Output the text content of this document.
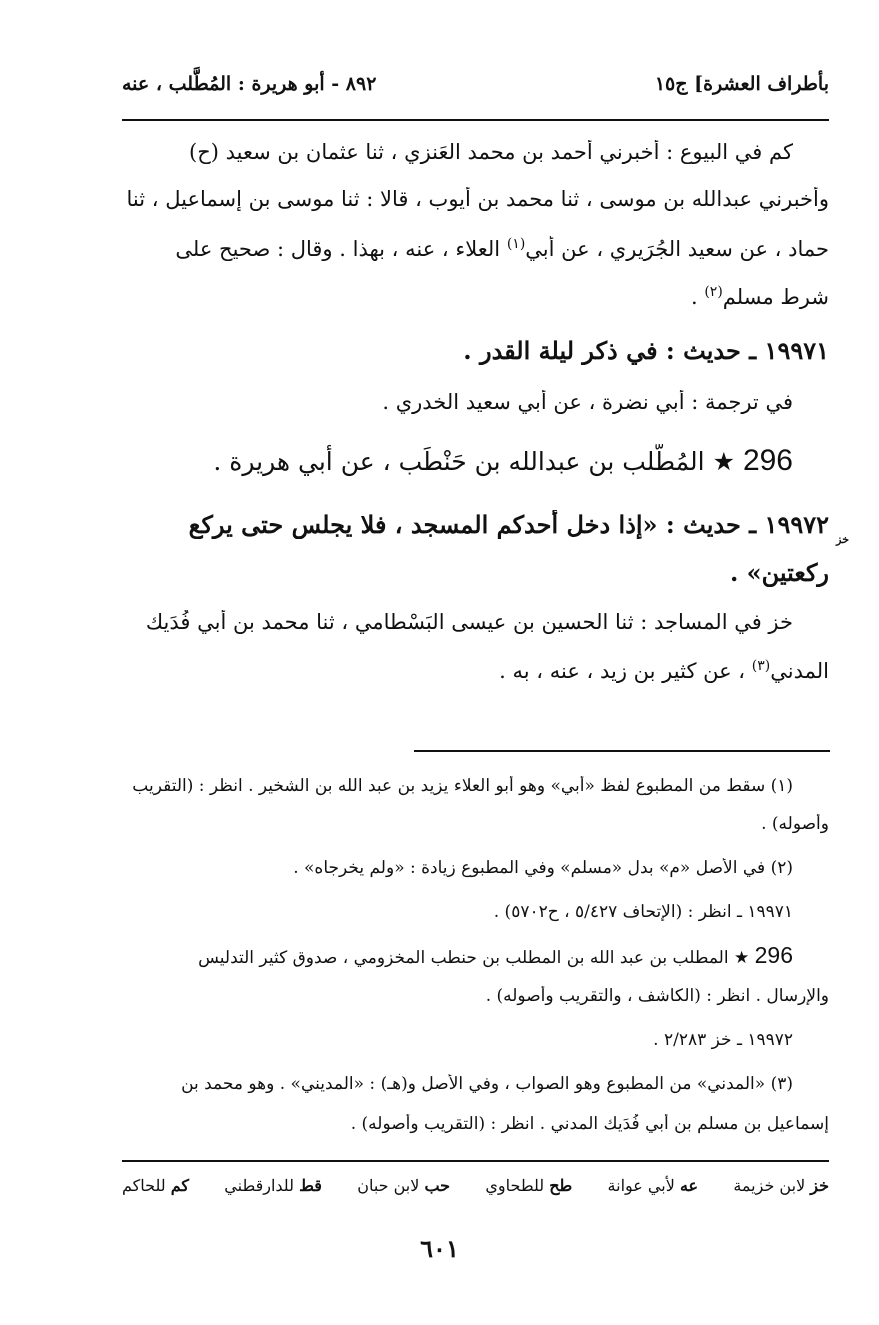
بأطراف العشرة] ج١٥
٨٩٢ - أبو هريرة : المُطَّلب ، عنه
كم في البيوع : أخبرني أحمد بن محمد العَنزي ، ثنا عثمان بن سعيد (ح)
وأخبرني عبدالله بن موسى ، ثنا محمد بن أيوب ، قالا : ثنا موسى بن إسماعيل ، ثنا
حماد ، عن سعيد الجُرَيري ، عن أبي$^{(١)}$ العلاء ، عنه ، بهذا . وقال : صحيح على
شرط مسلم$^{(٢)}$ .
١٩٩٧١ ـ حديث : في ذكر ليلة القدر .
في ترجمة : أبي نضرة ، عن أبي سعيد الخدري .
296 ★ المُطَّلب بن عبدالله بن حَنْطَب ، عن أبي هريرة .
١٩٩٧٢ ـ حديث : «إذا دخل أحدكم المسجد ، فلا يجلس حتى يركع
خز
ركعتين» .
خز في المساجد : ثنا الحسين بن عيسى البَسْطامي ، ثنا محمد بن أبي فُدَيك
المدني$^{(٣)}$ ، عن كثير بن زيد ، عنه ، به .
(١) سقط من المطبوع لفظ «أبي» وهو أبو العلاء يزيد بن عبد الله بن الشخير . انظر : (التقريب
وأصوله) .
(٢) في الأصل «م» بدل «مسلم» وفي المطبوع زيادة : «ولم يخرجاه» .
١٩٩٧١ ـ انظر : (الإتحاف ٥/٤٢٧ ، ح٥٧٠٢) .
296 ★ المطلب بن عبد الله بن المطلب بن حنطب المخزومي ، صدوق كثير التدليس
والإرسال . انظر : (الكاشف ، والتقريب وأصوله) .
١٩٩٧٢ ـ خز ٢/٢٨٣ .
(٣) «المدني» من المطبوع وهو الصواب ، وفي الأصل و(هـ) : «المديني» . وهو محمد بن
إسماعيل بن مسلم بن أبي فُدَيك المدني . انظر : (التقريب وأصوله) .
خز لابن خزيمة
عه لأبي عوانة
طح للطحاوي
حب لابن حبان
قط للدارقطني
كم للحاكم
٦٠١
